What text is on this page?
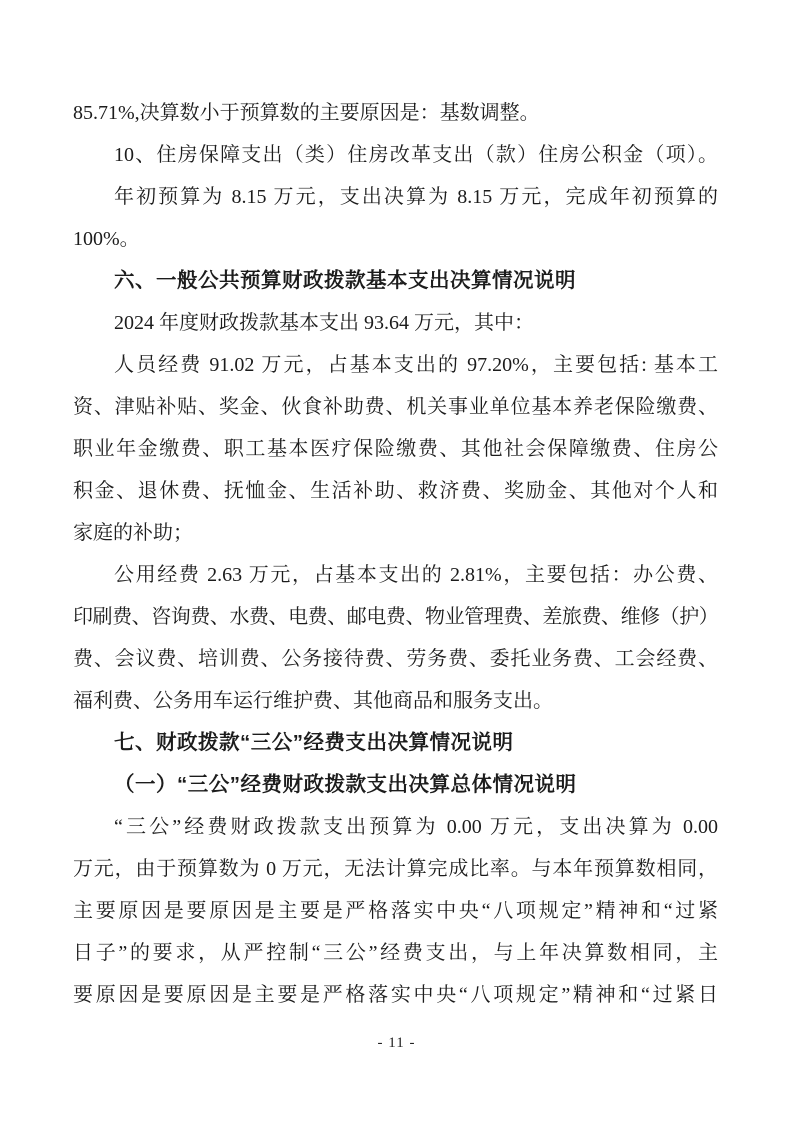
85.71%,决算数小于预算数的主要原因是：基数调整。
10、住房保障支出（类）住房改革支出（款）住房公积金（项）。
年初预算为 8.15 万元，支出决算为 8.15 万元，完成年初预算的
100%。
六、一般公共预算财政拨款基本支出决算情况说明
2024 年度财政拨款基本支出 93.64 万元，其中：
人员经费 91.02 万元，占基本支出的 97.20%，主要包括: 基本工
资、津贴补贴、奖金、伙食补助费、机关事业单位基本养老保险缴费、
职业年金缴费、职工基本医疗保险缴费、其他社会保障缴费、住房公
积金、退休费、抚恤金、生活补助、救济费、奖励金、其他对个人和
家庭的补助；
公用经费 2.63 万元，占基本支出的 2.81%，主要包括：办公费、
印刷费、咨询费、水费、电费、邮电费、物业管理费、差旅费、维修（护）
费、会议费、培训费、公务接待费、劳务费、委托业务费、工会经费、
福利费、公务用车运行维护费、其他商品和服务支出。
七、财政拨款“三公”经费支出决算情况说明
（一）“三公”经费财政拨款支出决算总体情况说明
“三公”经费财政拨款支出预算为 0.00 万元，支出决算为 0.00
万元，由于预算数为 0 万元，无法计算完成比率。与本年预算数相同，
主要原因是要原因是主要是严格落实中央“八项规定”精神和“过紧
日子”的要求，从严控制“三公”经费支出，与上年决算数相同，主
要原因是要原因是主要是严格落实中央“八项规定”精神和“过紧日
- 11 -
